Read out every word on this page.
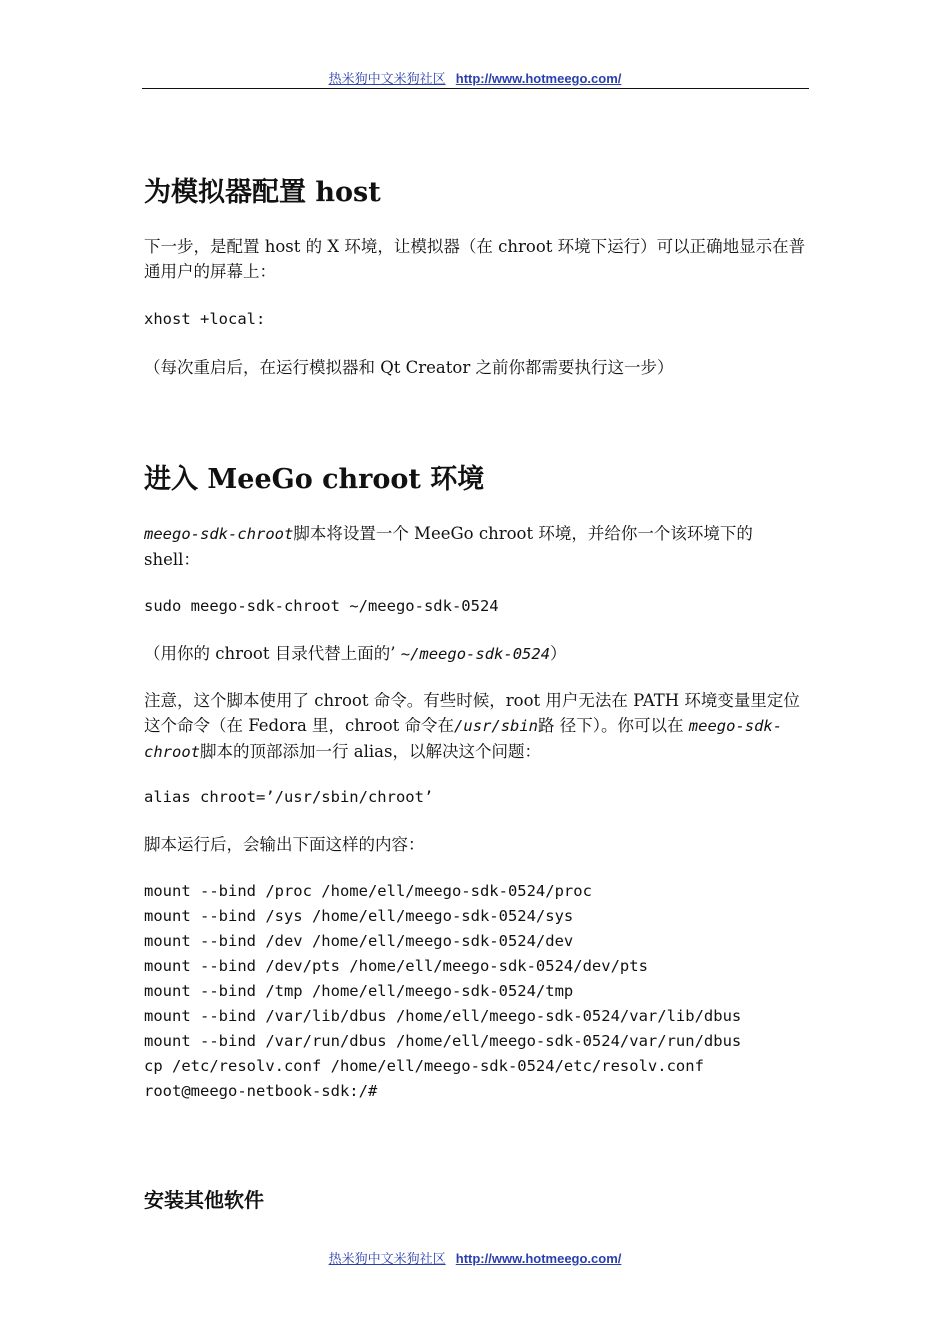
热米狗中文米狗社区 http://www.hotmeego.com/
为模拟器配置 host

下一步，是配置 host 的 X 环境，让模拟器（在 chroot 环境下运行）可以正确地显示在普通用户的屏幕上：

xhost +local:

（每次重启后，在运行模拟器和 Qt Creator 之前你都需要执行这一步）

进入 MeeGo chroot 环境

meego-sdk-chroot脚本将设置一个 MeeGo chroot 环境，并给你一个该环境下的 shell：

sudo meego-sdk-chroot ~/meego-sdk-0524

（用你的 chroot 目录代替上面的’ ~/meego-sdk-0524）

注意，这个脚本使用了 chroot 命令。有些时候，root 用户无法在 PATH 环境变量里定位这个命令（在 Fedora 里，chroot 命令在/usr/sbin路 径下）。你可以在 meego-sdk-chroot脚本的顶部添加一行 alias，以解决这个问题：

alias chroot=’/usr/sbin/chroot’

脚本运行后，会输出下面这样的内容：

mount --bind /proc /home/ell/meego-sdk-0524/proc
mount --bind /sys /home/ell/meego-sdk-0524/sys
mount --bind /dev /home/ell/meego-sdk-0524/dev
mount --bind /dev/pts /home/ell/meego-sdk-0524/dev/pts
mount --bind /tmp /home/ell/meego-sdk-0524/tmp
mount --bind /var/lib/dbus /home/ell/meego-sdk-0524/var/lib/dbus
mount --bind /var/run/dbus /home/ell/meego-sdk-0524/var/run/dbus
cp /etc/resolv.conf /home/ell/meego-sdk-0524/etc/resolv.conf
root@meego-netbook-sdk:/#
安装其他软件
热米狗中文米狗社区 http://www.hotmeego.com/
